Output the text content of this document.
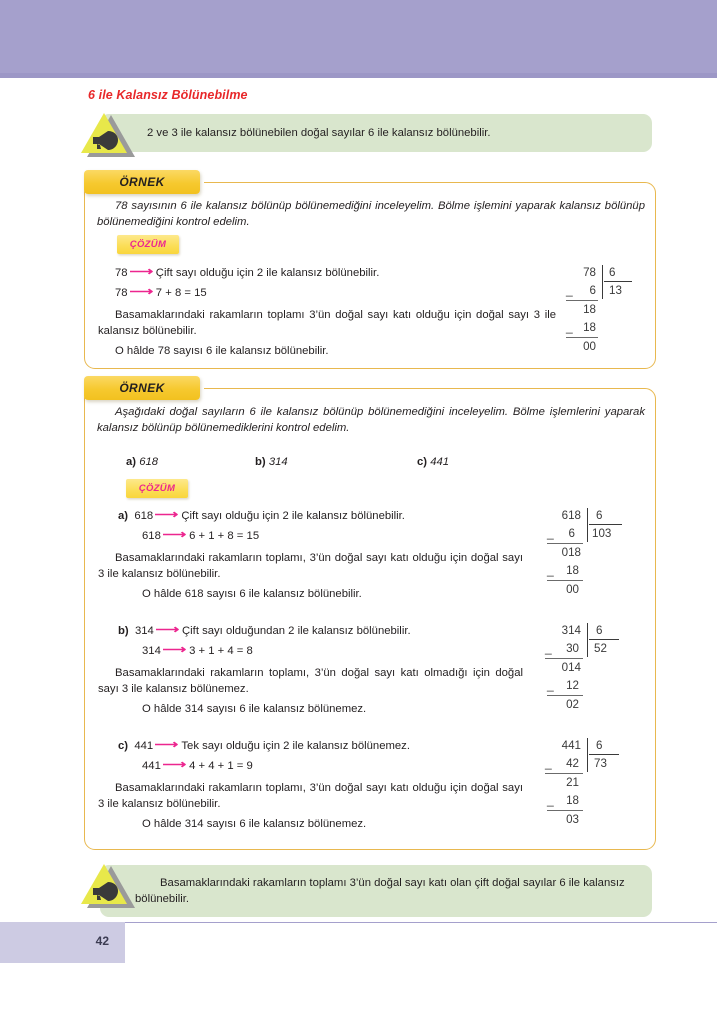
6 ile Kalansız Bölünebilme
2 ve 3 ile kalansız bölünebilen doğal sayılar 6 ile kalansız bölünebilir.
ÖRNEK
78 sayısının 6 ile kalansız bölünüp bölünemediğini inceleyelim. Bölme işlemini yaparak kalansız bölünüp bölünemediğini kontrol edelim.
ÇÖZÜM
78⟶ Çift sayı olduğu için 2 ile kalansız bölünebilir.
78⟶ 7 + 8 = 15
Basamaklarındaki rakamların toplamı 3’ün doğal sayı katı olduğu için doğal sayı 3 ile kalansız bölünebilir.
O hâlde 78 sayısı 6 ile kalansız bölünebilir.
78 6
13
_	6
18
_ 18
00
ÖRNEK
Aşağıdaki doğal sayıların 6 ile kalansız bölünüp bölünemediğini inceleyelim. Bölme işlemlerini yaparak kalansız bölünüp bölünemediklerini kontrol edelim.
a) 618	b) 314	c) 441
ÇÖZÜM
a) 618⟶ Çift sayı olduğu için 2 ile kalansız bölünebilir.
618⟶ 6 + 1 + 8 = 15
Basamaklarındaki rakamların toplamı, 3’ün doğal sayı katı olduğu için doğal sayı 3 ile kalansız bölünebilir.
O hâlde 618 sayısı 6 ile kalansız bölünebilir.
618 6
103
_	6
018
_	18
00
b) 314⟶ Çift sayı olduğundan 2 ile kalansız bölünebilir.
314⟶ 3 + 1 + 4 = 8
Basamaklarındaki rakamların toplamı, 3’ün doğal sayı katı olmadığı için doğal sayı 3 ile kalansız bölünemez.
O hâlde 314 sayısı 6 ile kalansız bölünemez.
314 6
52
_	30
014
_	12
02
c) 441⟶ Tek sayı olduğu için 2 ile kalansız bölünemez.
441⟶ 4 + 4 + 1 = 9
Basamaklarındaki rakamların toplamı, 3’ün doğal sayı katı olduğu için doğal sayı 3 ile kalansız bölünebilir.
O hâlde 314 sayısı 6 ile kalansız bölünemez.
441 6
73
_	42
21
_	18
03
Basamaklarındaki rakamların toplamı 3’ün doğal sayı katı olan çift doğal sayılar 6 ile kalansız bölünebilir.
42
